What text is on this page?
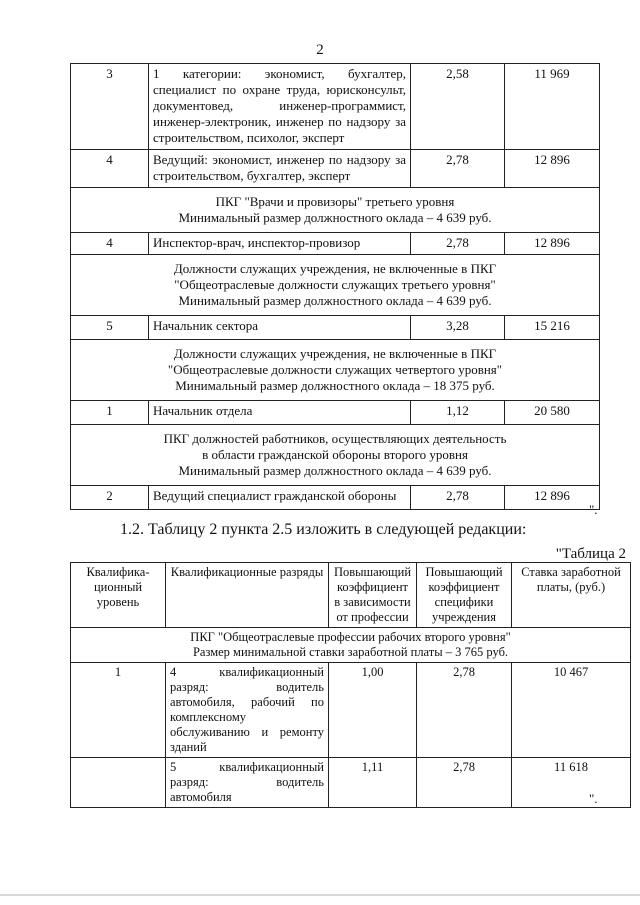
2
3	1 категории: экономист, бухгалтер, специалист по охране труда, юрисконсульт, документовед, инженер-программист, инженер-электроник, инженер по надзору за строительством, психолог, эксперт	2,58	11 969
4	Ведущий: экономист, инженер по надзору за строительством, бухгалтер, эксперт	2,78	12 896

ПКГ "Врачи и провизоры" третьего уровня
Минимальный размер должностного оклада – 4 639 руб.			

4	Инспектор-врач, инспектор-провизор	2,78	12 896

Должности служащих учреждения, не включенные в ПКГ
"Общеотраслевые должности служащих третьего уровня"
Минимальный размер должностного оклада – 4 639 руб.			

5	Начальник сектора	3,28	15 216

Должности служащих учреждения, не включенные в ПКГ
"Общеотраслевые должности служащих четвертого уровня"
Минимальный размер должностного оклада – 18 375 руб.			

1	Начальник отдела	1,12	20 580

ПКГ должностей работников, осуществляющих деятельность
в области гражданской обороны второго уровня
Минимальный размер должностного оклада – 4 639 руб.			

2	Ведущий специалист гражданской обороны	2,78	12 896
".
1.2. Таблицу 2 пункта 2.5 изложить в следующей редакции:
"Таблица 2
Квалифика-ционный уровень	Квалификационные разряды	Повышающий коэффициент в зависимости от профессии	Повышающий коэффициент специфики учреждения	Ставка заработной платы, (руб.)

ПКГ "Общеотраслевые профессии рабочих второго уровня"
Размер минимальной ставки заработной платы – 3 765 руб.				

1	4 квалификационный разряд: водитель автомобиля, рабочий по комплексному обслуживанию и ремонту зданий	1,00	2,78	10 467
	5 квалификационный разряд: водитель автомобиля	1,11	2,78	11 618
".
